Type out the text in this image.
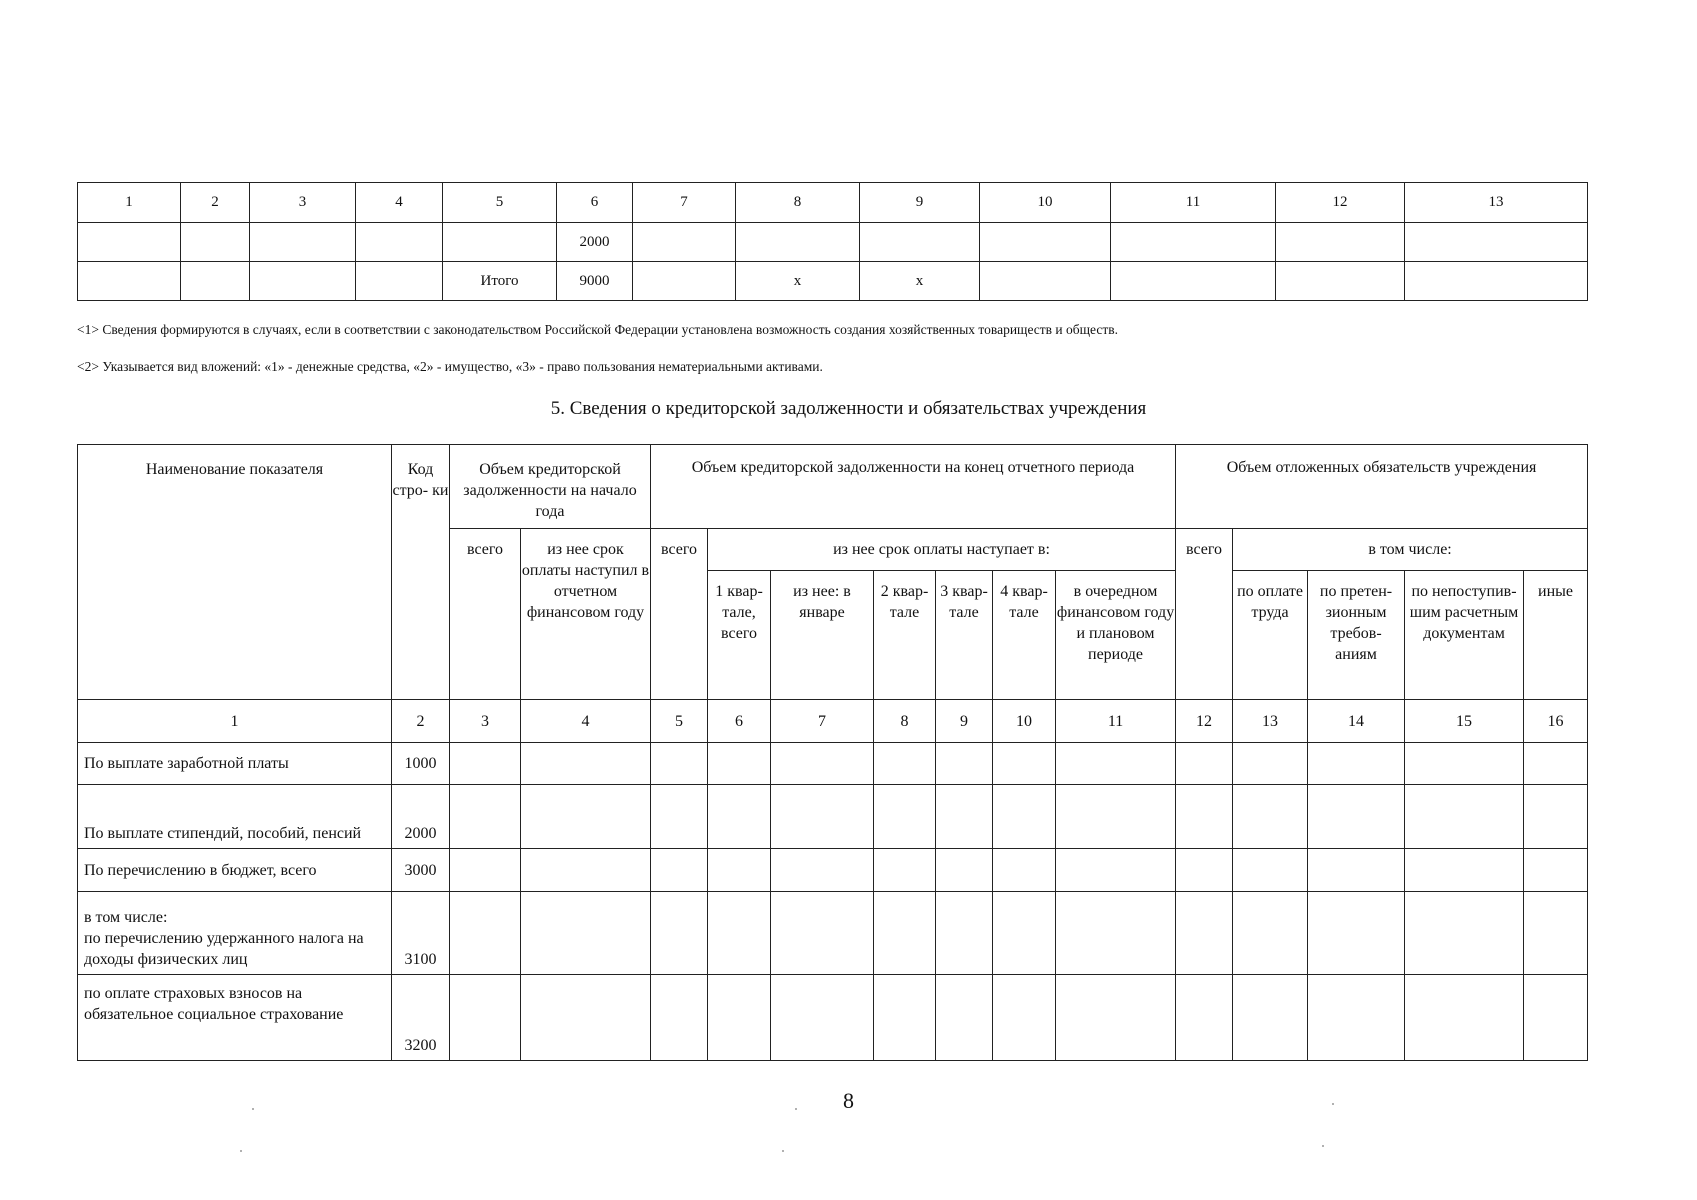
1	2	3	4	5	6	7	8	9	10	11	12	13
					2000							
				Итого	9000		x	x				
<1> Сведения формируются в случаях, если в соответствии с законодательством Российской Федерации установлена возможность создания хозяйственных товариществ и обществ.
<2> Указывается вид вложений: «1» - денежные средства, «2» - имущество, «3» - право пользования нематериальными активами.
5. Сведения о кредиторской задолженности и обязательствах учреждения
Наименование показателя	Код стро- ки	Объем кредиторской задолженности на начало года		Объем кредиторской задолженности на конец отчетного периода							Объем отложенных обязательств учреждения				
		всего	из нее срок оплаты наступил в отчетном финансовом году	всего	из нее срок оплаты наступает в:						всего	в том числе:			
					1 квар- тале, всего	из нее: в январе	2 квар- тале	3 квар- тале	4 квар- тале	в очередном финансовом году и плановом периоде		по оплате труда	по претен- зионным требов- аниям	по непоступив- шим расчетным документам	иные
1	2	3	4	5	6	7	8	9	10	11	12	13	14	15	16
По выплате заработной платы	1000														
По выплате стипендий, пособий, пенсий	2000														
По перечислению в бюджет, всего	3000														

в том числе:
по перечислению удержанного налога на доходы физических лиц	3100														
по оплате страховых взносов на обязательное социальное страхование	3200														
8
